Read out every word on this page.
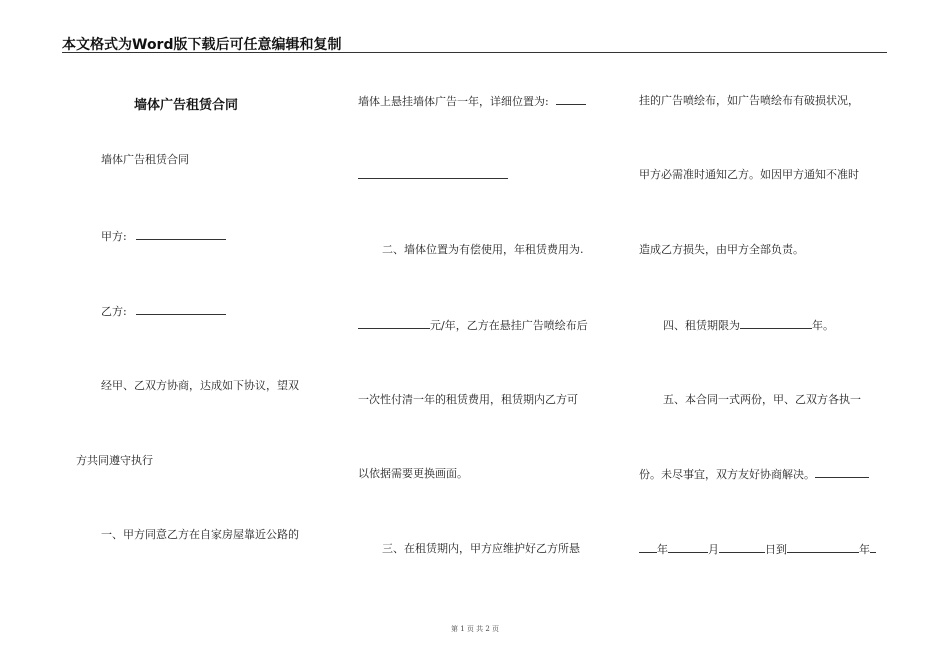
本文格式为Word版下载后可任意编辑和复制
墙体广告租赁合同
墙体广告租赁合同
甲方:
乙方:
经甲、乙双方协商，达成如下协议，望双
方共同遵守执行
一、甲方同意乙方在自家房屋靠近公路的
墙体上悬挂墙体广告一年，详细位置为:
二、墙体位置为有偿使用，年租赁费用为.
元/年，乙方在悬挂广告喷绘布后
一次性付清一年的租赁费用，租赁期内乙方可
以依据需要更换画面。
三、在租赁期内，甲方应维护好乙方所悬
挂的广告喷绘布，如广告喷绘布有破损状况，
甲方必需准时通知乙方。如因甲方通知不准时
造成乙方损失，由甲方全部负责。
四、租赁期限为	年。
五、本合同一式两份，甲、乙双方各执一
份。未尽事宜，双方友好协商解决。
年	月	日到	年
第 1 页 共 2 页
